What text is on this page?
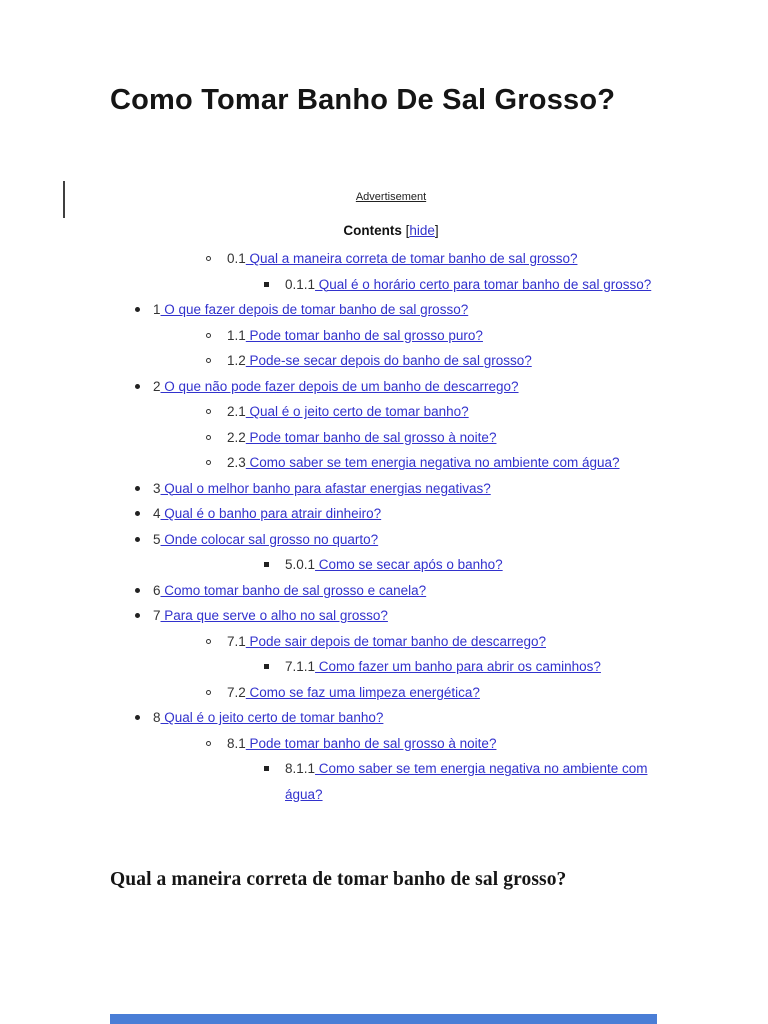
Como Tomar Banho De Sal Grosso?
Advertisement
Contents [hide]
0.1 Qual a maneira correta de tomar banho de sal grosso?
0.1.1 Qual é o horário certo para tomar banho de sal grosso?
1 O que fazer depois de tomar banho de sal grosso?
1.1 Pode tomar banho de sal grosso puro?
1.2 Pode-se secar depois do banho de sal grosso?
2 O que não pode fazer depois de um banho de descarrego?
2.1 Qual é o jeito certo de tomar banho?
2.2 Pode tomar banho de sal grosso à noite?
2.3 Como saber se tem energia negativa no ambiente com água?
3 Qual o melhor banho para afastar energias negativas?
4 Qual é o banho para atrair dinheiro?
5 Onde colocar sal grosso no quarto?
5.0.1 Como se secar após o banho?
6 Como tomar banho de sal grosso e canela?
7 Para que serve o alho no sal grosso?
7.1 Pode sair depois de tomar banho de descarrego?
7.1.1 Como fazer um banho para abrir os caminhos?
7.2 Como se faz uma limpeza energética?
8 Qual é o jeito certo de tomar banho?
8.1 Pode tomar banho de sal grosso à noite?
8.1.1 Como saber se tem energia negativa no ambiente com água?
Qual a maneira correta de tomar banho de sal grosso?
